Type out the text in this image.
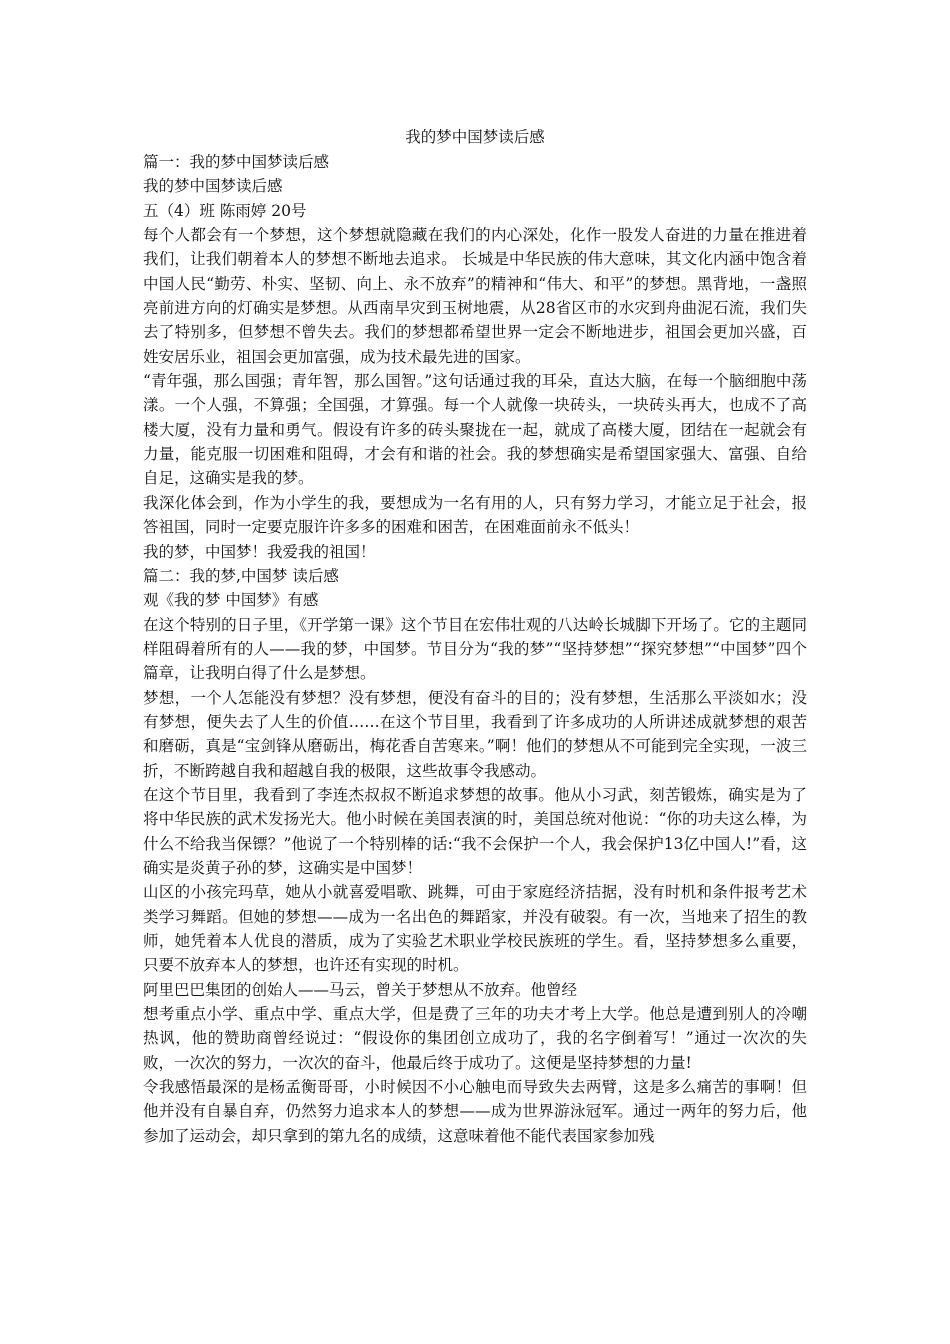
我的梦中国梦读后感

篇一：我的梦中国梦读后感

我的梦中国梦读后感

五（4）班 陈雨婷 20号

每个人都会有一个梦想，这个梦想就隐藏在我们的内心深处，化作一股发人奋进的力量在推进着我们，让我们朝着本人的梦想不断地去追求。 长城是中华民族的伟大意味，其文化内涵中饱含着中国人民“勤劳、朴实、坚韧、向上、永不放弃”的精神和“伟大、和平”的梦想。黑背地，一盏照亮前进方向的灯确实是梦想。从西南旱灾到玉树地震，从28省区市的水灾到舟曲泥石流，我们失去了特别多，但梦想不曾失去。我们的梦想都希望世界一定会不断地进步，祖国会更加兴盛，百姓安居乐业，祖国会更加富强，成为技术最先进的国家。

“青年强，那么国强；青年智，那么国智。”这句话通过我的耳朵，直达大脑，在每一个脑细胞中荡漾。一个人强，不算强；全国强，才算强。每一个人就像一块砖头，一块砖头再大，也成不了高楼大厦，没有力量和勇气。假设有许多的砖头聚拢在一起，就成了高楼大厦，团结在一起就会有力量，能克服一切困难和阻碍，才会有和谐的社会。我的梦想确实是希望国家强大、富强、自给自足，这确实是我的梦。

我深化体会到，作为小学生的我，要想成为一名有用的人，只有努力学习，才能立足于社会，报答祖国，同时一定要克服许许多多的困难和困苦，在困难面前永不低头！

我的梦，中国梦！我爱我的祖国！

篇二：我的梦,中国梦 读后感

观《我的梦 中国梦》有感

在这个特别的日子里，《开学第一课》这个节目在宏伟壮观的八达岭长城脚下开场了。它的主题同样阻碍着所有的人——我的梦，中国梦。节目分为“我的梦”“坚持梦想”“探究梦想”“中国梦”四个篇章，让我明白得了什么是梦想。

梦想，一个人怎能没有梦想？没有梦想，便没有奋斗的目的；没有梦想，生活那么平淡如水；没有梦想，便失去了人生的价值……在这个节目里，我看到了许多成功的人所讲述成就梦想的艰苦和磨砺，真是“宝剑锋从磨砺出，梅花香自苦寒来。”啊！他们的梦想从不可能到完全实现，一波三折，不断跨越自我和超越自我的极限，这些故事令我感动。

在这个节目里，我看到了李连杰叔叔不断追求梦想的故事。他从小习武，刻苦锻炼，确实是为了将中华民族的武术发扬光大。他小时候在美国表演的时，美国总统对他说：“你的功夫这么棒，为什么不给我当保镖？”他说了一个特别棒的话:“我不会保护一个人，我会保护13亿中国人!”看，这确实是炎黄子孙的梦，这确实是中国梦！

山区的小孩完玛草，她从小就喜爱唱歌、跳舞，可由于家庭经济拮据，没有时机和条件报考艺术类学习舞蹈。但她的梦想——成为一名出色的舞蹈家，并没有破裂。有一次，当地来了招生的教师，她凭着本人优良的潜质，成为了实验艺术职业学校民族班的学生。看，坚持梦想多么重要，只要不放弃本人的梦想，也许还有实现的时机。

阿里巴巴集团的创始人——马云，曾关于梦想从不放弃。他曾经

想考重点小学、重点中学、重点大学，但是费了三年的功夫才考上大学。他总是遭到别人的冷嘲热讽，他的赞助商曾经说过：“假设你的集团创立成功了，我的名字倒着写！”通过一次次的失败，一次次的努力，一次次的奋斗，他最后终于成功了。这便是坚持梦想的力量!

令我感悟最深的是杨孟衡哥哥，小时候因不小心触电而导致失去两臂，这是多么痛苦的事啊！但他并没有自暴自弃，仍然努力追求本人的梦想——成为世界游泳冠军。通过一两年的努力后，他参加了运动会，却只拿到的第九名的成绩，这意味着他不能代表国家参加残
